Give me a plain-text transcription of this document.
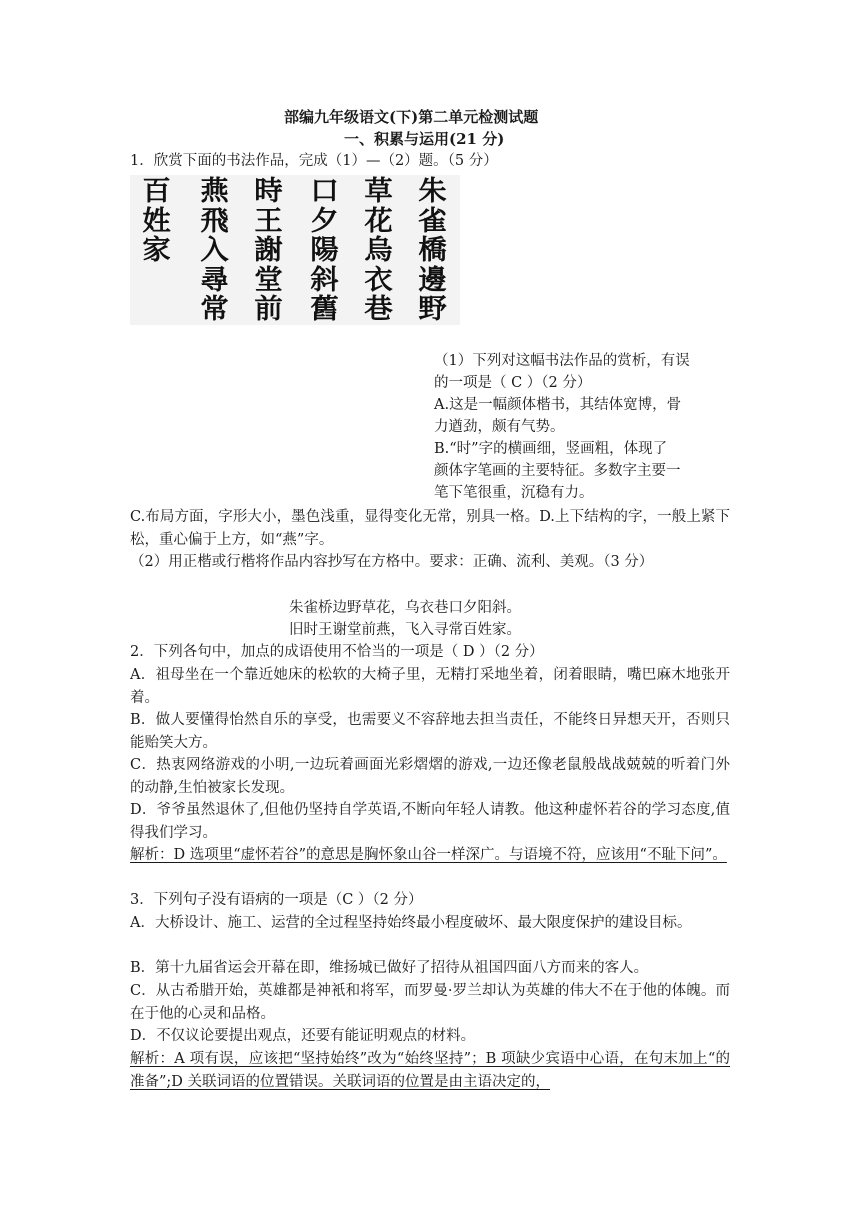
部编九年级语文(下)第二单元检测试题
一、积累与运用(21 分)
1．欣赏下面的书法作品，完成（1）—（2）题。（5 分）
百
姓
家
燕
飛
入
尋
常
時
王
謝
堂
前
口
夕
陽
斜
舊
草
花
烏
衣
巷
朱
雀
橋
邊
野
（1）下列对这幅书法作品的赏析，有误
的一项是（ C ）（2 分）
A.这是一幅颜体楷书，其结体宽博，骨
力遒劲，颇有气势。
B.“时”字的横画细，竖画粗，体现了
颜体字笔画的主要特征。多数字主要一
笔下笔很重，沉稳有力。
C.布局方面，字形大小，墨色浅重，显得变化无常，别具一格。D.上下结构的字，一般上紧下松，重心偏于上方，如“燕”字。
（2）用正楷或行楷将作品内容抄写在方格中。要求：正确、流利、美观。（3 分）
朱雀桥边野草花，乌衣巷口夕阳斜。
旧时王谢堂前燕，飞入寻常百姓家。
2．下列各句中，加点的成语使用不恰当的一项是（ D ）（2 分）
A．祖母坐在一个靠近她床的松软的大椅子里，无精打采地坐着，闭着眼睛，嘴巴麻木地张开着。
B．做人要懂得怡然自乐的享受，也需要义不容辞地去担当责任，不能终日异想天开，否则只能贻笑大方。
C．热衷网络游戏的小明,一边玩着画面光彩熠熠的游戏,一边还像老鼠般战战兢兢的听着门外的动静,生怕被家长发现。
D．爷爷虽然退休了,但他仍坚持自学英语,不断向年轻人请教。他这种虚怀若谷的学习态度,值得我们学习。
解析：D 选项里“虚怀若谷”的意思是胸怀象山谷一样深广。与语境不符，应该用“不耻下问”。
3．下列句子没有语病的一项是（C ）（2 分）
A．大桥设计、施工、运营的全过程坚持始终最小程度破坏、最大限度保护的建设目标。
B．第十九届省运会开幕在即，维扬城已做好了招待从祖国四面八方而来的客人。
C．从古希腊开始，英雄都是神衹和将军，而罗曼·罗兰却认为英雄的伟大不在于他的体魄。而在于他的心灵和品格。
D．不仅议论要提出观点，还要有能证明观点的材料。
解析：A 项有误，应该把“坚持始终”改为“始终坚持”；B 项缺少宾语中心语，在句末加上“的准备”;D 关联词语的位置错误。关联词语的位置是由主语决定的，
